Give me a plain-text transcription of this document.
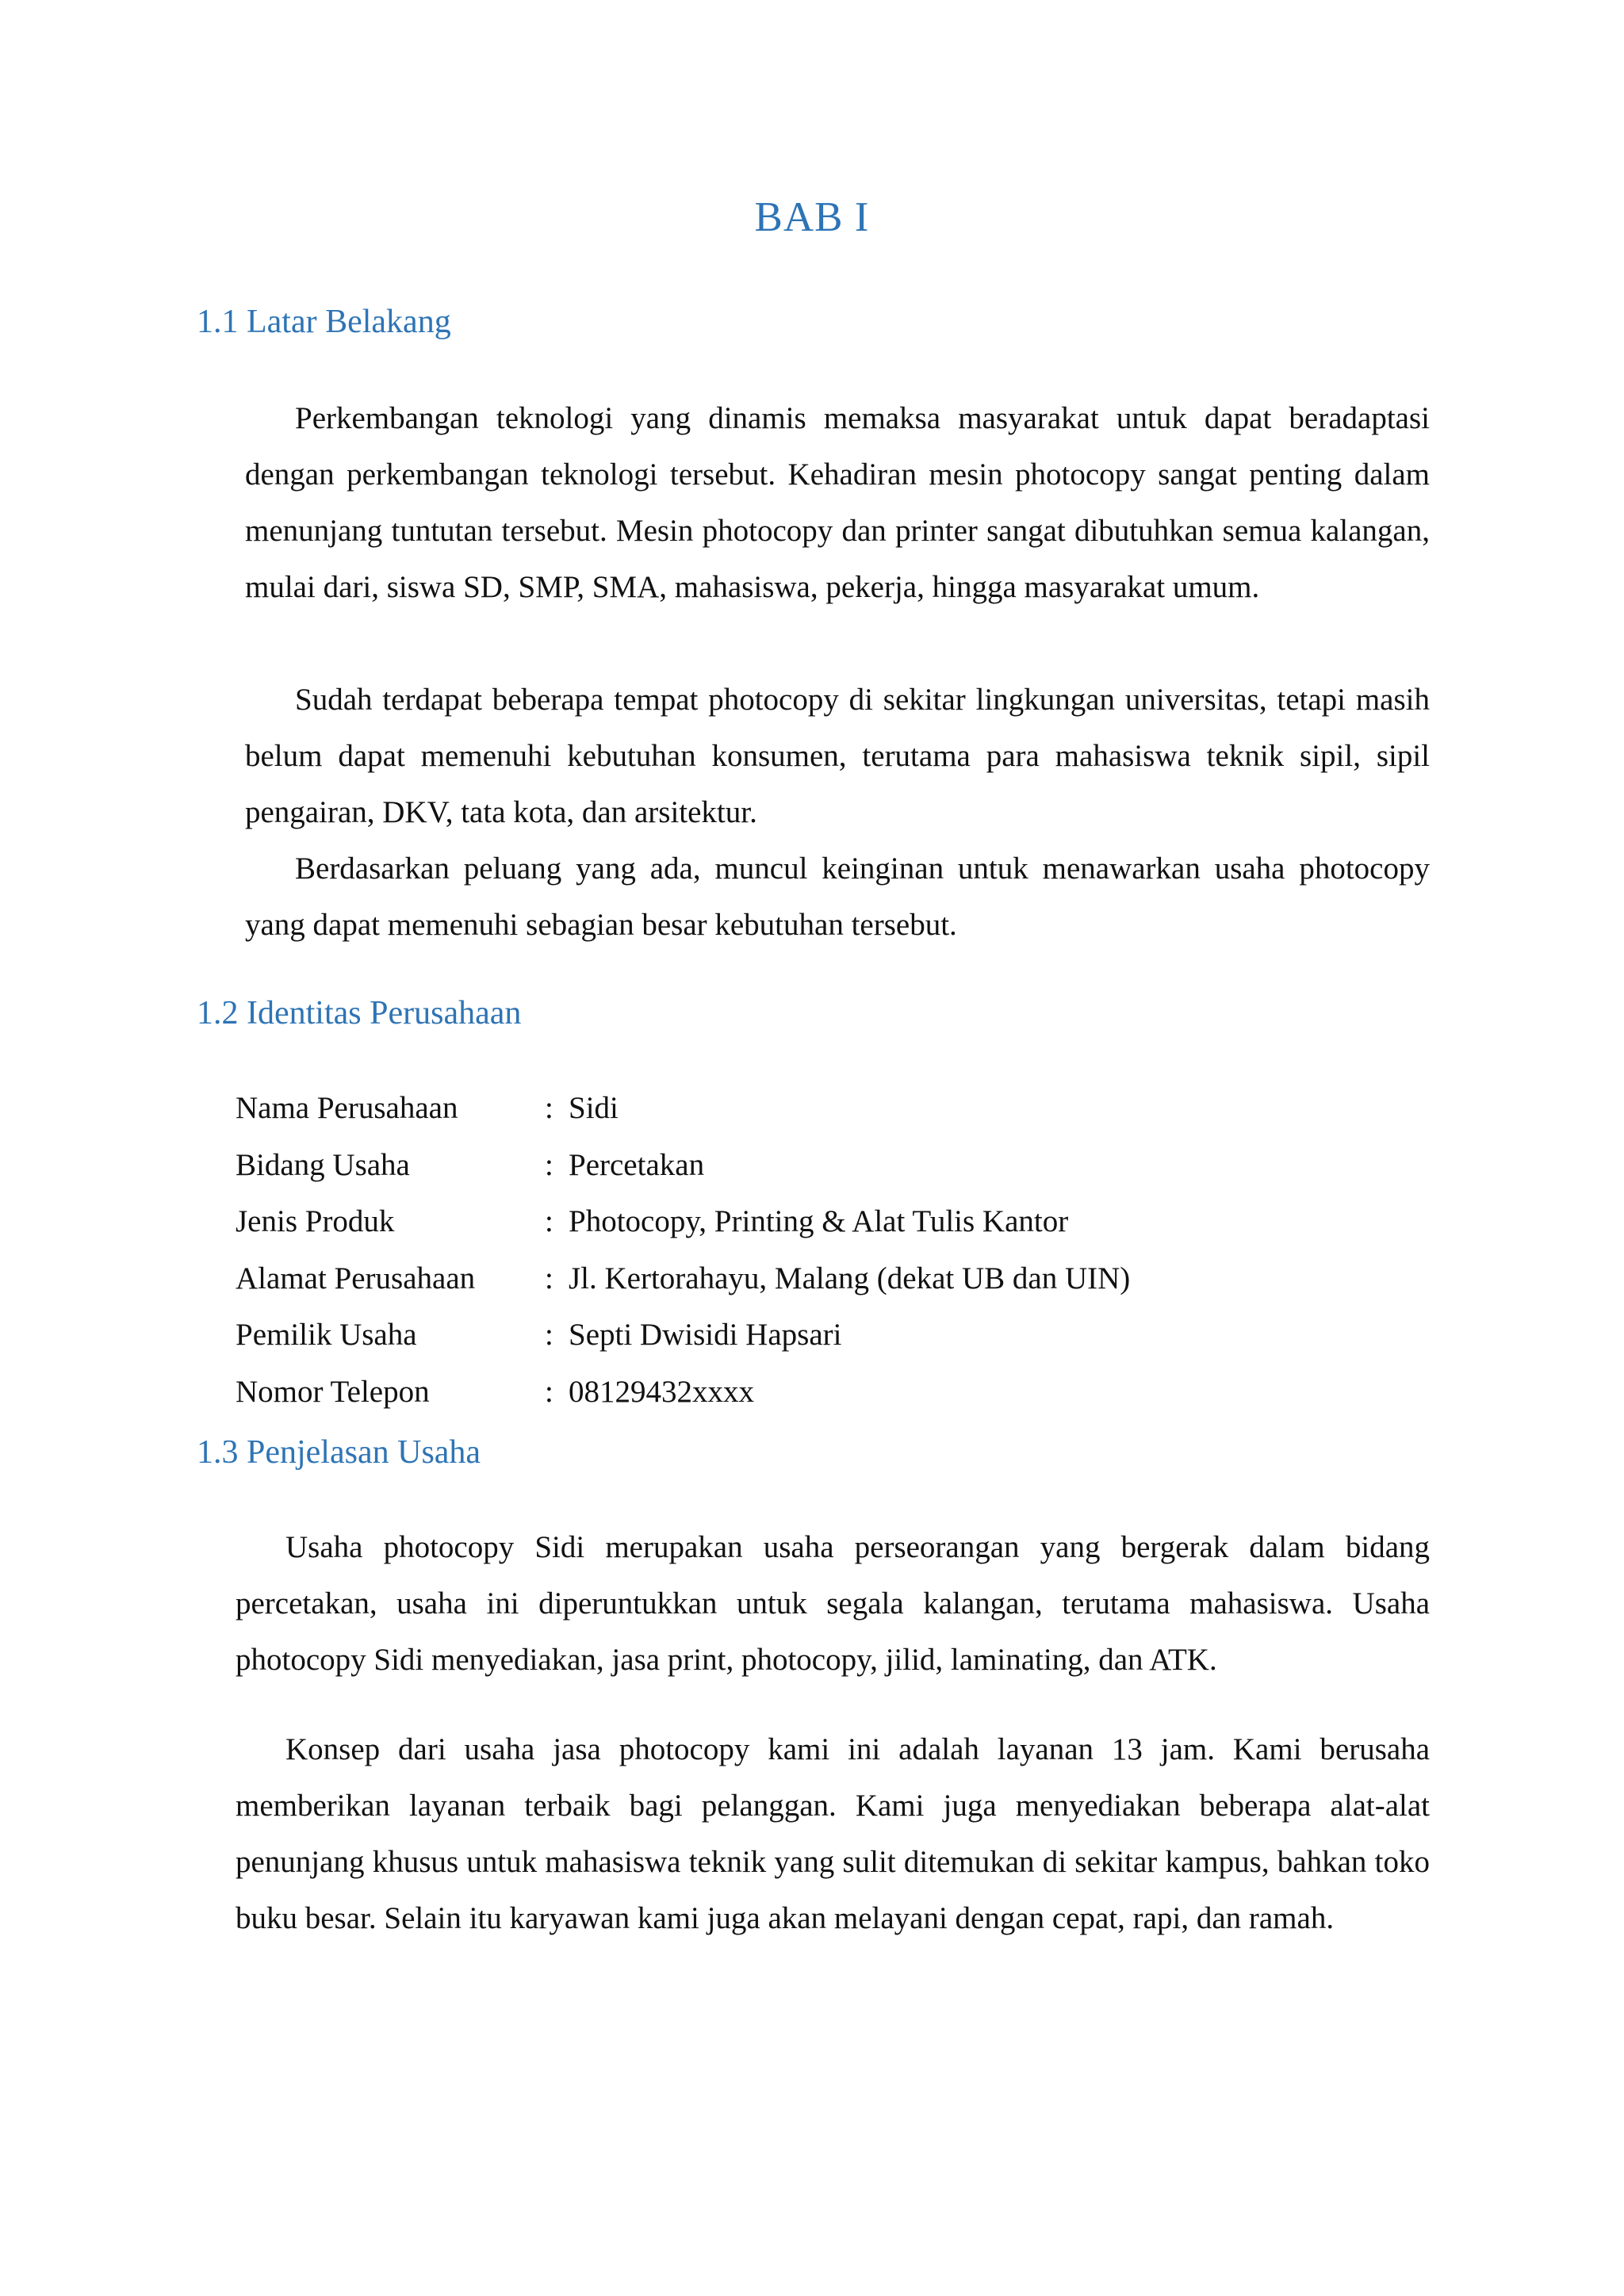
BAB I
1.1 Latar Belakang
Perkembangan teknologi yang dinamis memaksa masyarakat untuk dapat beradaptasi dengan perkembangan teknologi tersebut. Kehadiran mesin photocopy sangat penting dalam menunjang tuntutan tersebut. Mesin photocopy dan printer sangat dibutuhkan semua kalangan, mulai dari, siswa SD, SMP, SMA, mahasiswa, pekerja, hingga masyarakat umum.
Sudah terdapat beberapa tempat photocopy di sekitar lingkungan universitas, tetapi masih belum dapat memenuhi kebutuhan konsumen, terutama para mahasiswa teknik sipil, sipil pengairan, DKV, tata kota, dan arsitektur.
Berdasarkan peluang yang ada, muncul keinginan untuk menawarkan usaha photocopy yang dapat memenuhi sebagian besar kebutuhan tersebut.
1.2 Identitas Perusahaan
Nama Perusahaan	: Sidi
Bidang Usaha	: Percetakan
Jenis Produk	: Photocopy, Printing & Alat Tulis Kantor
Alamat Perusahaan	: Jl. Kertorahayu, Malang (dekat UB dan UIN)
Pemilik Usaha	: Septi Dwisidi Hapsari
Nomor Telepon	: 08129432xxxx
1.3 Penjelasan Usaha
Usaha photocopy Sidi merupakan usaha perseorangan yang bergerak dalam bidang percetakan, usaha ini diperuntukkan untuk segala kalangan, terutama mahasiswa. Usaha photocopy Sidi menyediakan, jasa print, photocopy, jilid, laminating, dan ATK.
Konsep dari usaha jasa photocopy kami ini adalah layanan 13 jam. Kami berusaha memberikan layanan terbaik bagi pelanggan. Kami juga menyediakan beberapa alat-alat penunjang khusus untuk mahasiswa teknik yang sulit ditemukan di sekitar kampus, bahkan toko buku besar. Selain itu karyawan kami juga akan melayani dengan cepat, rapi, dan ramah.
